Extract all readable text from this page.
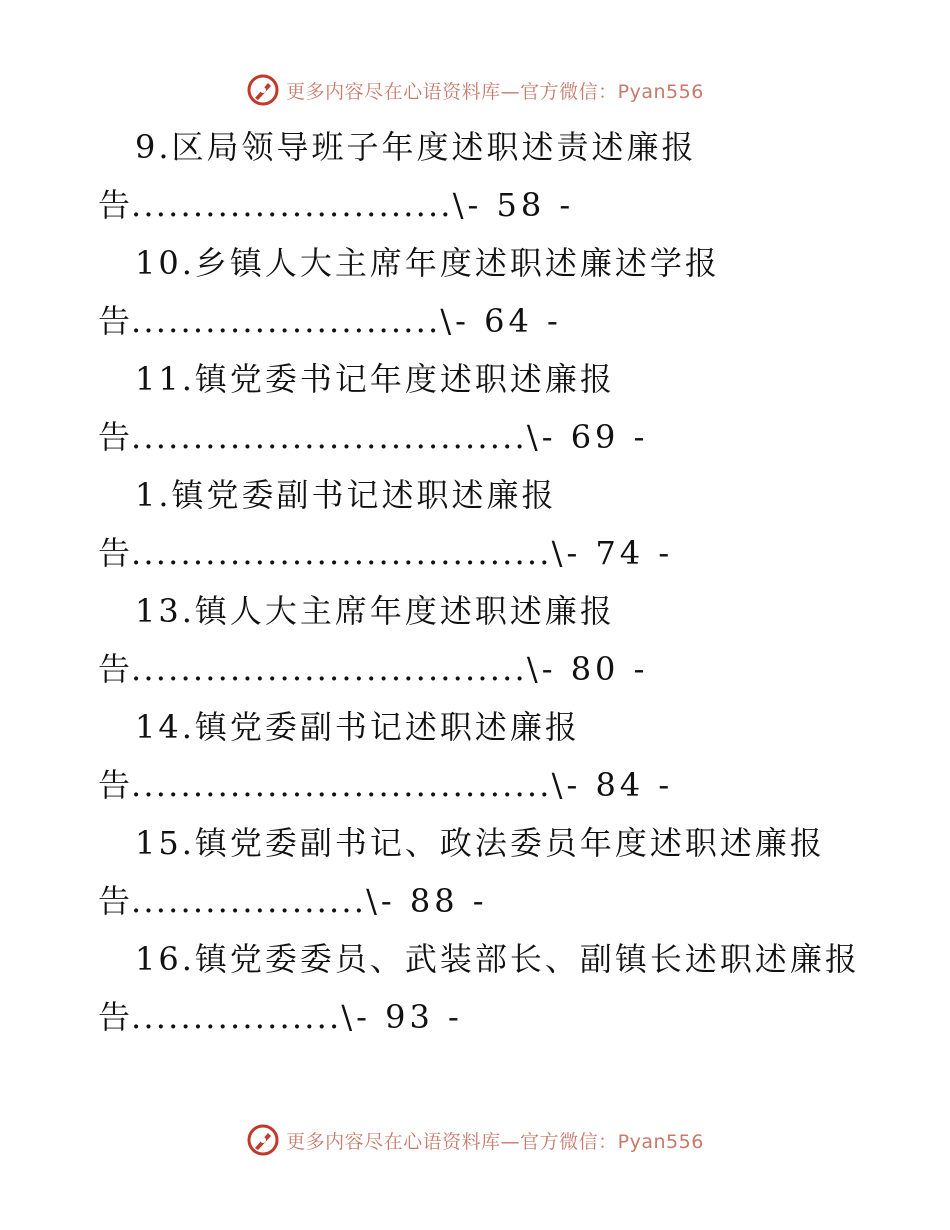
更多内容尽在心语资料库—官方微信：Pyan556
9.区局领导班子年度述职述责述廉报
告..........................\- 58 -
10.乡镇人大主席年度述职述廉述学报
告.........................\- 64 -
11.镇党委书记年度述职述廉报
告................................\- 69 -
1.镇党委副书记述职述廉报
告..................................\- 74 -
13.镇人大主席年度述职述廉报
告................................\- 80 -
14.镇党委副书记述职述廉报
告..................................\- 84 -
15.镇党委副书记、政法委员年度述职述廉报
告...................\- 88 -
16.镇党委委员、武装部长、副镇长述职述廉报
告.................\- 93 -
更多内容尽在心语资料库—官方微信：Pyan556
